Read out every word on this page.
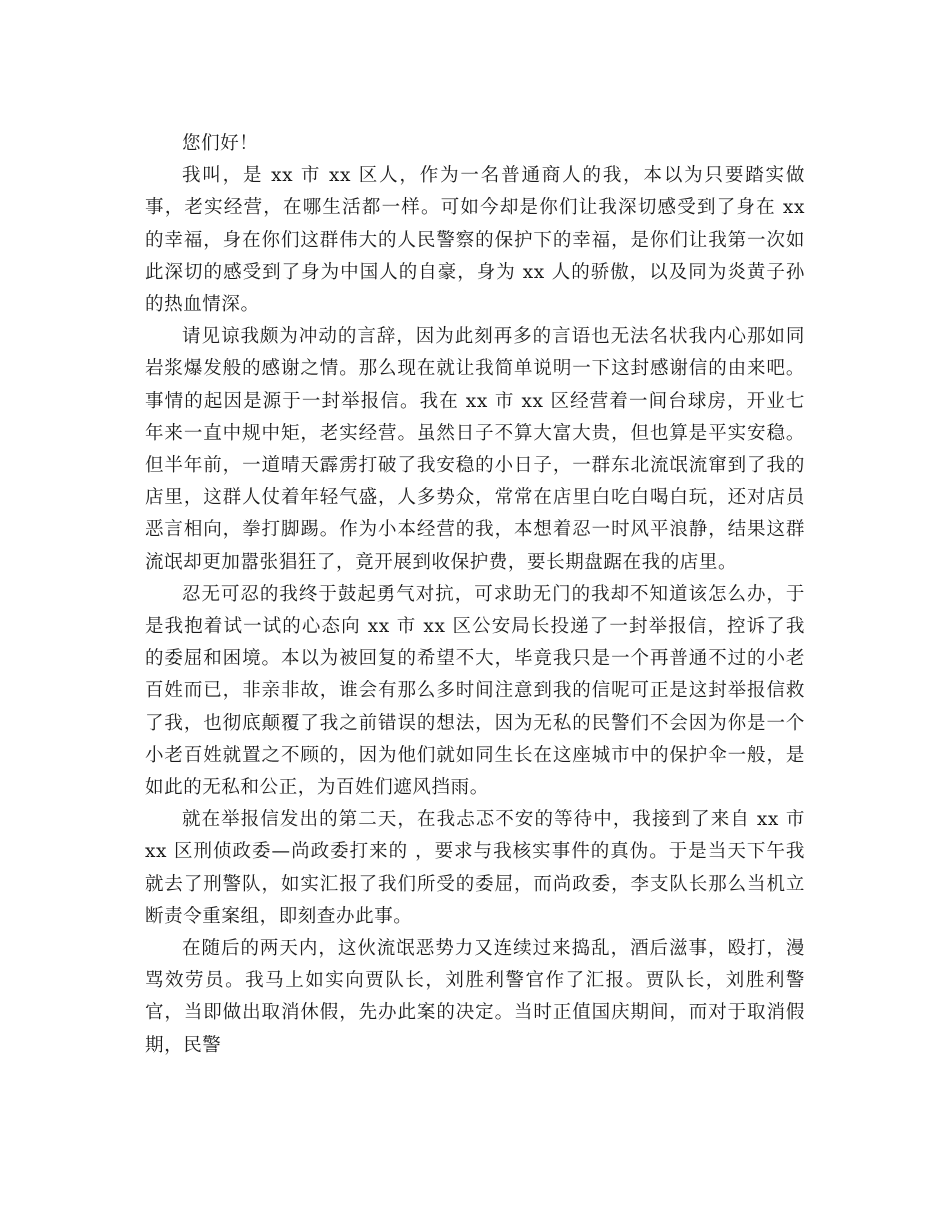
您们好！

我叫，是 xx 市 xx 区人，作为一名普通商人的我，本以为只要踏实做事，老实经营，在哪生活都一样。可如今却是你们让我深切感受到了身在 xx 的幸福，身在你们这群伟大的人民警察的保护下的幸福，是你们让我第一次如此深切的感受到了身为中国人的自豪，身为 xx 人的骄傲，以及同为炎黄子孙的热血情深。

请见谅我颇为冲动的言辞，因为此刻再多的言语也无法名状我内心那如同岩浆爆发般的感谢之情。那么现在就让我简单说明一下这封感谢信的由来吧。事情的起因是源于一封举报信。我在 xx 市 xx 区经营着一间台球房，开业七年来一直中规中矩，老实经营。虽然日子不算大富大贵，但也算是平实安稳。但半年前，一道晴天霹雳打破了我安稳的小日子，一群东北流氓流窜到了我的店里，这群人仗着年轻气盛，人多势众，常常在店里白吃白喝白玩，还对店员恶言相向，拳打脚踢。作为小本经营的我，本想着忍一时风平浪静，结果这群流氓却更加嚣张猖狂了，竟开展到收保护费，要长期盘踞在我的店里。

忍无可忍的我终于鼓起勇气对抗，可求助无门的我却不知道该怎么办，于是我抱着试一试的心态向 xx 市 xx 区公安局长投递了一封举报信，控诉了我的委屈和困境。本以为被回复的希望不大，毕竟我只是一个再普通不过的小老百姓而已，非亲非故，谁会有那么多时间注意到我的信呢可正是这封举报信救了我，也彻底颠覆了我之前错误的想法，因为无私的民警们不会因为你是一个小老百姓就置之不顾的，因为他们就如同生长在这座城市中的保护伞一般，是如此的无私和公正，为百姓们遮风挡雨。

就在举报信发出的第二天，在我忐忑不安的等待中，我接到了来自 xx 市 xx 区刑侦政委—尚政委打来的 ，要求与我核实事件的真伪。于是当天下午我就去了刑警队，如实汇报了我们所受的委屈，而尚政委，李支队长那么当机立断责令重案组，即刻查办此事。

在随后的两天内，这伙流氓恶势力又连续过来捣乱，酒后滋事，殴打，漫骂效劳员。我马上如实向贾队长，刘胜利警官作了汇报。贾队长，刘胜利警官，当即做出取消休假，先办此案的决定。当时正值国庆期间，而对于取消假期，民警
